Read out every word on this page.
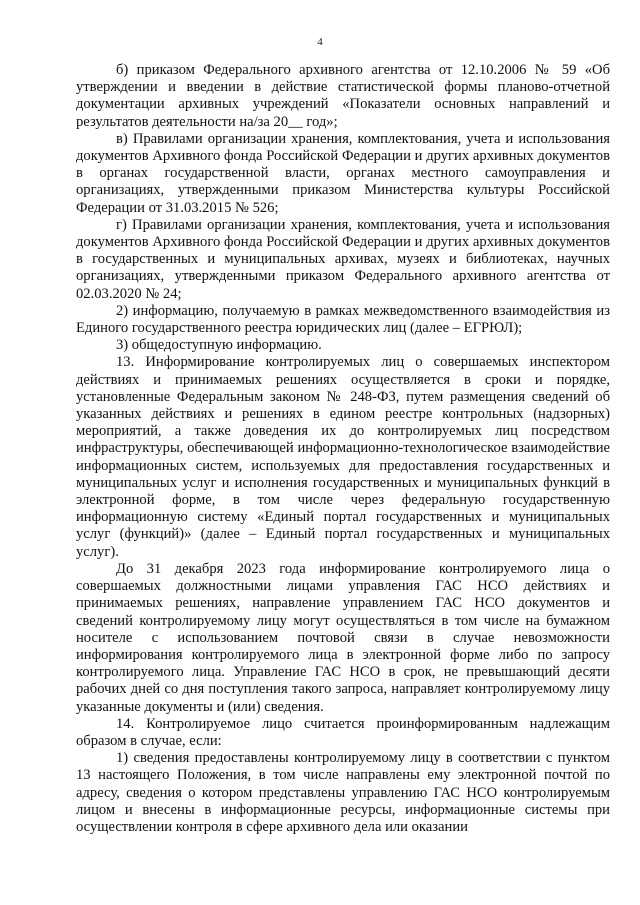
4

б) приказом Федерального архивного агентства от 12.10.2006 № 59 «Об утверждении и введении в действие статистической формы планово-отчетной документации архивных учреждений «Показатели основных направлений и результатов деятельности на/за 20__ год»;

в) Правилами организации хранения, комплектования, учета и использования документов Архивного фонда Российской Федерации и других архивных документов в органах государственной власти, органах местного самоуправления и организациях, утвержденными приказом Министерства культуры Российской Федерации от 31.03.2015 № 526;

г) Правилами организации хранения, комплектования, учета и использования документов Архивного фонда Российской Федерации и других архивных документов в государственных и муниципальных архивах, музеях и библиотеках, научных организациях, утвержденными приказом Федерального архивного агентства от 02.03.2020 № 24;

2) информацию, получаемую в рамках межведомственного взаимодействия из Единого государственного реестра юридических лиц (далее – ЕГРЮЛ);

3) общедоступную информацию.

13. Информирование контролируемых лиц о совершаемых инспектором действиях и принимаемых решениях осуществляется в сроки и порядке, установленные Федеральным законом № 248-ФЗ, путем размещения сведений об указанных действиях и решениях в едином реестре контрольных (надзорных) мероприятий, а также доведения их до контролируемых лиц посредством инфраструктуры, обеспечивающей информационно-технологическое взаимодействие информационных систем, используемых для предоставления государственных и муниципальных услуг и исполнения государственных и муниципальных функций в электронной форме, в том числе через федеральную государственную информационную систему «Единый портал государственных и муниципальных услуг (функций)» (далее – Единый портал государственных и муниципальных услуг).

До 31 декабря 2023 года информирование контролируемого лица о совершаемых должностными лицами управления ГАС НСО действиях и принимаемых решениях, направление управлением ГАС НСО документов и сведений контролируемому лицу могут осуществляться в том числе на бумажном носителе с использованием почтовой связи в случае невозможности информирования контролируемого лица в электронной форме либо по запросу контролируемого лица. Управление ГАС НСО в срок, не превышающий десяти рабочих дней со дня поступления такого запроса, направляет контролируемому лицу указанные документы и (или) сведения.

14. Контролируемое лицо считается проинформированным надлежащим образом в случае, если:

1) сведения предоставлены контролируемому лицу в соответствии с пунктом 13 настоящего Положения, в том числе направлены ему электронной почтой по адресу, сведения о котором представлены управлению ГАС НСО контролируемым лицом и внесены в информационные ресурсы, информационные системы при осуществлении контроля в сфере архивного дела или оказании
